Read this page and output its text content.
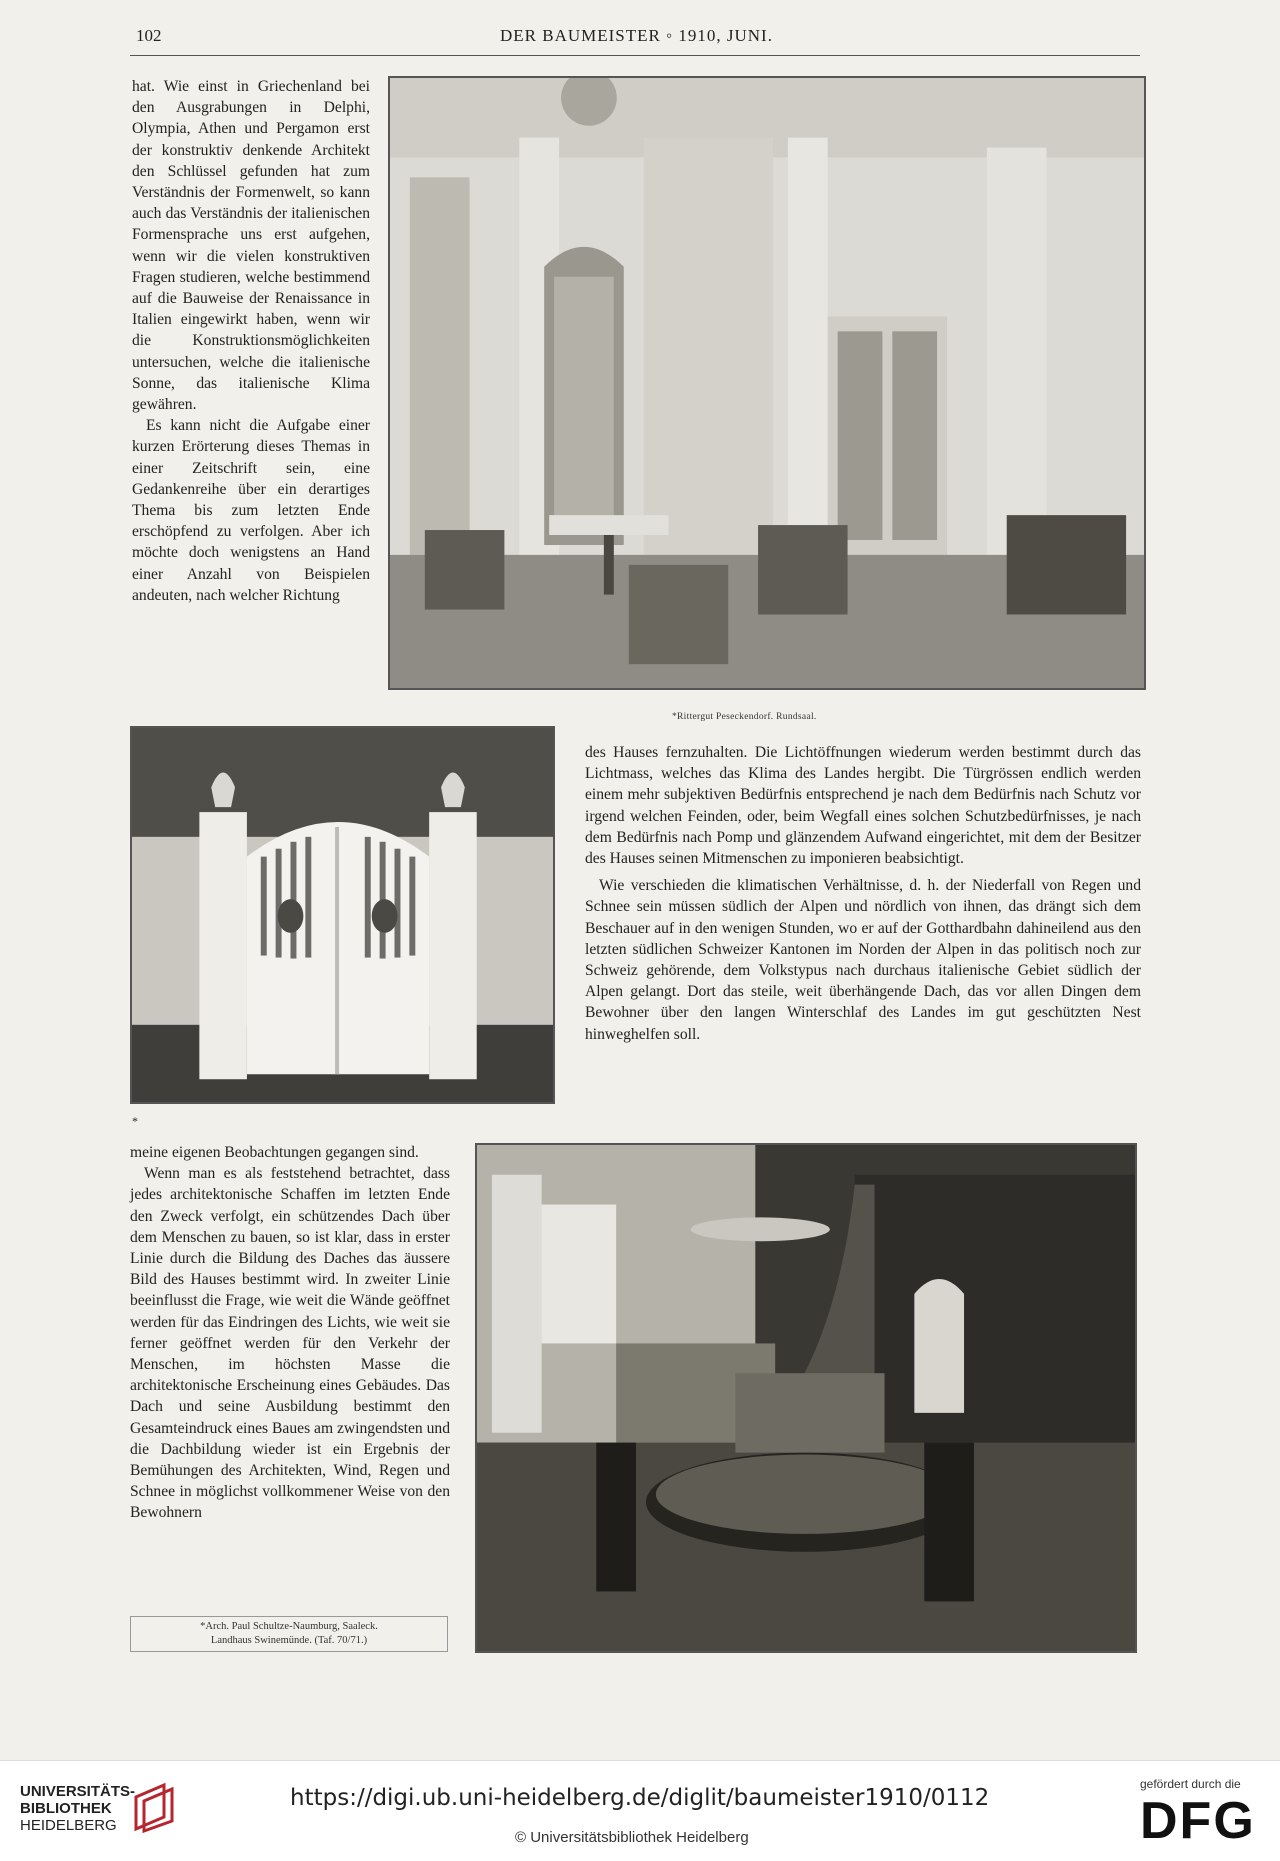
102	DER BAUMEISTER ◦ 1910, JUNI.

hat. Wie einst in Griechenland bei den Ausgrabungen in Delphi, Olympia, Athen und Pergamon erst der konstruktiv denkende Architekt den Schlüssel gefunden hat zum Verständnis der Formenwelt, so kann auch das Verständnis der italienischen Formensprache uns erst aufgehen, wenn wir die vielen konstruktiven Fragen studieren, welche bestimmend auf die Bauweise der Renaissance in Italien eingewirkt haben, wenn wir die Konstruktionsmöglichkeiten untersuchen, welche die italienische Sonne, das italienische Klima gewähren.

Es kann nicht die Aufgabe einer kurzen Erörterung dieses Themas in einer Zeitschrift sein, eine Gedankenreihe über ein derartiges Thema bis zum letzten Ende erschöpfend zu verfolgen. Aber ich möchte doch wenigstens an Hand einer Anzahl von Beispielen andeuten, nach welcher Richtung

*Rittergut Peseckendorf. Rundsaal.

des Hauses fernzuhalten. Die Lichtöffnungen wiederum werden bestimmt durch das Lichtmass, welches das Klima des Landes hergibt. Die Türgrössen endlich werden einem mehr subjektiven Bedürfnis entsprechend je nach dem Bedürfnis nach Schutz vor irgend welchen Feinden, oder, beim Wegfall eines solchen Schutzbedürfnisses, je nach dem Bedürfnis nach Pomp und glänzendem Aufwand eingerichtet, mit dem der Besitzer des Hauses seinen Mitmenschen zu imponieren beabsichtigt.

Wie verschieden die klimatischen Verhältnisse, d. h. der Niederfall von Regen und Schnee sein müssen südlich der Alpen und nördlich von ihnen, das drängt sich dem Beschauer auf in den wenigen Stunden, wo er auf der Gotthardbahn dahineilend aus den letzten südlichen Schweizer Kantonen im Norden der Alpen in das politisch noch zur Schweiz gehörende, dem Volkstypus nach durchaus italienische Gebiet südlich der Alpen gelangt. Dort das steile, weit überhängende Dach, das vor allen Dingen dem Bewohner über den langen Winterschlaf des Landes im gut geschützten Nest hinweghelfen soll.

*

meine eigenen Beobachtungen gegangen sind.

Wenn man es als feststehend betrachtet, dass jedes architektonische Schaffen im letzten Ende den Zweck verfolgt, ein schützendes Dach über dem Menschen zu bauen, so ist klar, dass in erster Linie durch die Bildung des Daches das äussere Bild des Hauses bestimmt wird. In zweiter Linie beeinflusst die Frage, wie weit die Wände geöffnet werden für das Eindringen des Lichts, wie weit sie ferner geöffnet werden für den Verkehr der Menschen, im höchsten Masse die architektonische Erscheinung eines Gebäudes. Das Dach und seine Ausbildung bestimmt den Gesamteindruck eines Baues am zwingendsten und die Dachbildung wieder ist ein Ergebnis der Bemühungen des Architekten, Wind, Regen und Schnee in möglichst vollkommener Weise von den Bewohnern

*Arch. Paul Schultze-Naumburg, Saaleck.
Landhaus Swinemünde. (Taf. 70/71.)
UNIVERSITÄTS-
BIBLIOTHEK
HEIDELBERG
https://digi.ub.uni-heidelberg.de/diglit/baumeister1910/0112
© Universitätsbibliothek Heidelberg
gefördert durch die
DFG
